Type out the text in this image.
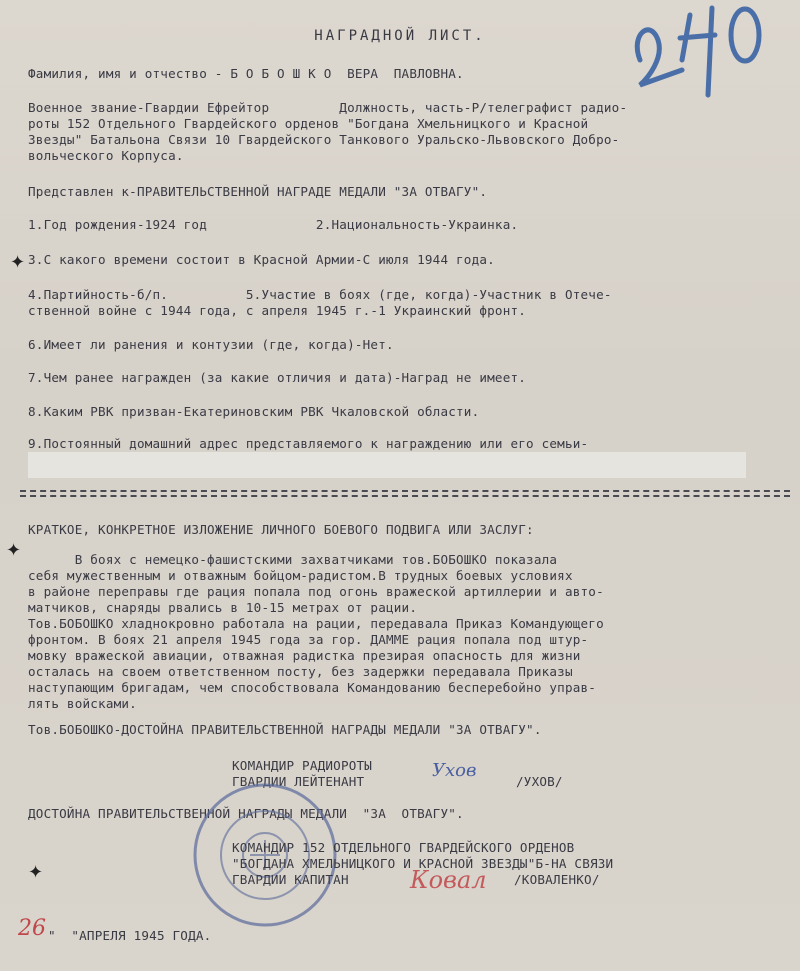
НАГРАДНОЙ ЛИСТ.
Фамилия, имя и отчество - Б О Б О Ш К О  ВЕРА  ПАВЛОВНА.
Военное звание-Гвардии Ефрейтор         Должность, часть-Р/телеграфист радио-
роты 152 Отдельного Гвардейского орденов "Богдана Хмельницкого и Красной
Звезды" Батальона Связи 10 Гвардейского Танкового Уральско-Львовского Добро-
вольческого Корпуса.
Представлен к-ПРАВИТЕЛЬСТВЕННОЙ НАГРАДЕ МЕДАЛИ "ЗА ОТВАГУ".
1.Год рождения-1924 год              2.Национальность-Украинка.
3.С какого времени состоит в Красной Армии-С июля 1944 года.
4.Партийность-б/п.          5.Участие в боях (где, когда)-Участник в Отече-
ственной войне с 1944 года, с апреля 1945 г.-1 Украинский фронт.
6.Имеет ли ранения и контузии (где, когда)-Нет.
7.Чем ранее награжден (за какие отличия и дата)-Наград не имеет.
8.Каким РВК призван-Екатериновским РВК Чкаловской области.
9.Постоянный домашний адрес представляемого к награждению или его семьи-
✦
✦
✦
КРАТКОЕ, КОНКРЕТНОЕ ИЗЛОЖЕНИЕ ЛИЧНОГО БОЕВОГО ПОДВИГА ИЛИ ЗАСЛУГ:
В боях с немецко-фашистскими захватчиками тов.БОБОШКО показала
себя мужественным и отважным бойцом-радистом.В трудных боевых условиях
в районе переправы где рация попала под огонь вражеской артиллерии и авто-
матчиков, снаряды рвались в 10-15 метрах от рации.
Тов.БОБОШКО хладнокровно работала на рации, передавала Приказ Командующего
фронтом. В боях 21 апреля 1945 года за гор. ДАММЕ рация попала под штур-
мовку вражеской авиации, отважная радистка презирая опасность для жизни
осталась на своем ответственном посту, без задержки передавала Приказы
наступающим бригадам, чем способствовала Командованию бесперебойно управ-
лять войсками.
Тов.БОБОШКО-ДОСТОЙНА ПРАВИТЕЛЬСТВЕННОЙ НАГРАДЫ МЕДАЛИ "ЗА ОТВАГУ".
КОМАНДИР РАДИОРОТЫ
ГВАРДИИ ЛЕЙТЕНАНТ
Ухов
/УХОВ/
ДОСТОЙНА ПРАВИТЕЛЬСТВЕННОЙ НАГРАДЫ МЕДАЛИ  "ЗА  ОТВАГУ".
КОМАНДИР 152 ОТДЕЛЬНОГО ГВАРДЕЙСКОГО ОРДЕНОВ
"БОГДАНА ХМЕЛЬНИЦКОГО И КРАСНОЙ ЗВЕЗДЫ"Б-НА СВЯЗИ
ГВАРДИИ КАПИТАН	Ковал /КОВАЛЕНКО/
26 "  "АПРЕЛЯ 1945 ГОДА.
